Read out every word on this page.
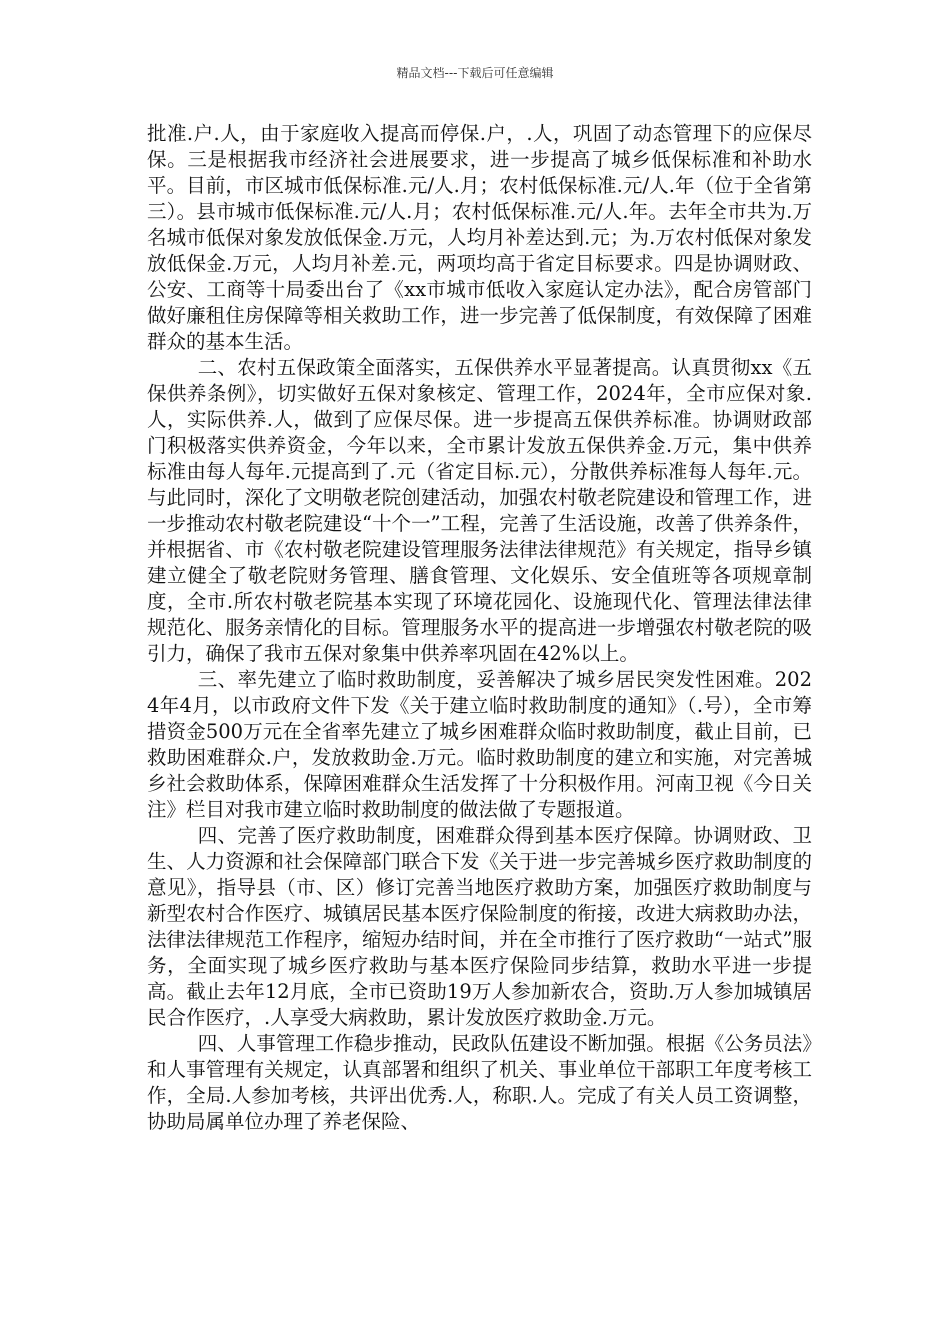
精品文档---下载后可任意编辑

批准.户.人，由于家庭收入提高而停保.户，.人，巩固了动态管理下的应保尽保。三是根据我市经济社会进展要求，进一步提高了城乡低保标准和补助水平。目前，市区城市低保标准.元/人.月；农村低保标准.元/人.年（位于全省第三）。县市城市低保标准.元/人.月；农村低保标准.元/人.年。去年全市共为.万名城市低保对象发放低保金.万元，人均月补差达到.元；为.万农村低保对象发放低保金.万元，人均月补差.元，两项均高于省定目标要求。四是协调财政、公安、工商等十局委出台了《xx市城市低收入家庭认定办法》，配合房管部门做好廉租住房保障等相关救助工作，进一步完善了低保制度，有效保障了困难群众的基本生活。

二、农村五保政策全面落实，五保供养水平显著提高。认真贯彻xx《五保供养条例》，切实做好五保对象核定、管理工作，2024年，全市应保对象.人，实际供养.人，做到了应保尽保。进一步提高五保供养标准。协调财政部门积极落实供养资金，今年以来，全市累计发放五保供养金.万元，集中供养标准由每人每年.元提高到了.元（省定目标.元），分散供养标准每人每年.元。与此同时，深化了文明敬老院创建活动，加强农村敬老院建设和管理工作，进一步推动农村敬老院建设“十个一”工程，完善了生活设施，改善了供养条件，并根据省、市《农村敬老院建设管理服务法律法律规范》有关规定，指导乡镇建立健全了敬老院财务管理、膳食管理、文化娱乐、安全值班等各项规章制度，全市.所农村敬老院基本实现了环境花园化、设施现代化、管理法律法律规范化、服务亲情化的目标。管理服务水平的提高进一步增强农村敬老院的吸引力，确保了我市五保对象集中供养率巩固在42%以上。

三、率先建立了临时救助制度，妥善解决了城乡居民突发性困难。2024年4月，以市政府文件下发《关于建立临时救助制度的通知》（.号），全市筹措资金500万元在全省率先建立了城乡困难群众临时救助制度，截止目前，已救助困难群众.户，发放救助金.万元。临时救助制度的建立和实施，对完善城乡社会救助体系，保障困难群众生活发挥了十分积极作用。河南卫视《今日关注》栏目对我市建立临时救助制度的做法做了专题报道。

四、完善了医疗救助制度，困难群众得到基本医疗保障。协调财政、卫生、人力资源和社会保障部门联合下发《关于进一步完善城乡医疗救助制度的意见》，指导县（市、区）修订完善当地医疗救助方案，加强医疗救助制度与新型农村合作医疗、城镇居民基本医疗保险制度的衔接，改进大病救助办法，法律法律规范工作程序，缩短办结时间，并在全市推行了医疗救助“一站式”服务，全面实现了城乡医疗救助与基本医疗保险同步结算，救助水平进一步提高。截止去年12月底，全市已资助19万人参加新农合，资助.万人参加城镇居民合作医疗，.人享受大病救助，累计发放医疗救助金.万元。

四、人事管理工作稳步推动，民政队伍建设不断加强。根据《公务员法》和人事管理有关规定，认真部署和组织了机关、事业单位干部职工年度考核工作，全局.人参加考核，共评出优秀.人，称职.人。完成了有关人员工资调整，协助局属单位办理了养老保险、
